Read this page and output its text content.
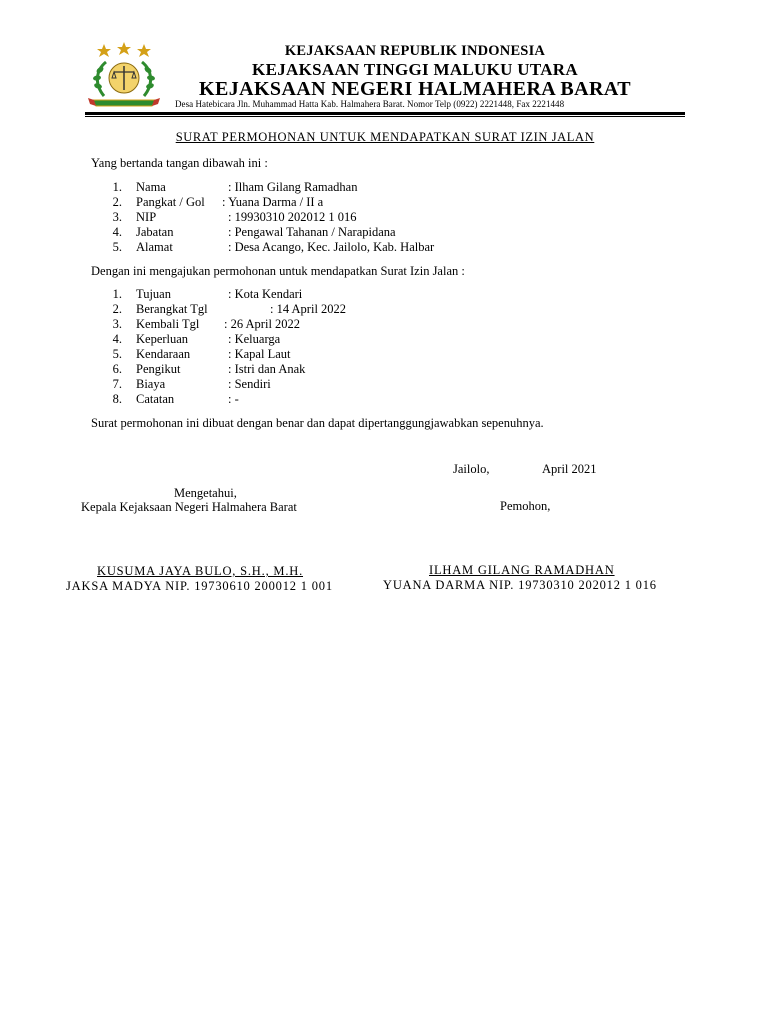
KEJAKSAAN REPUBLIK INDONESIA
KEJAKSAAN TINGGI MALUKU UTARA
KEJAKSAAN NEGERI HALMAHERA BARAT
Desa Hatebicara Jln. Muhammad Hatta Kab. Halmahera Barat. Nomor Telp (0922) 2221448, Fax 2221448
SURAT PERMOHONAN UNTUK MENDAPATKAN SURAT IZIN JALAN
Yang bertanda tangan dibawah ini :
1. Nama	: Ilham Gilang Ramadhan
2. Pangkat / Gol : Yuana Darma / II a
3. NIP	: 19930310 202012 1 016
4. Jabatan	: Pengawal Tahanan / Narapidana
5. Alamat	: Desa Acango, Kec. Jailolo, Kab. Halbar
Dengan ini mengajukan permohonan untuk mendapatkan Surat Izin Jalan :
1. Tujuan	: Kota Kendari
2. Berangkat Tgl	: 14 April 2022
3. Kembali Tgl : 26 April 2022
4. Keperluan	: Keluarga
5. Kendaraan	: Kapal Laut
6. Pengikut	: Istri dan Anak
7. Biaya	: Sendiri
8. Catatan	: -
Surat permohonan ini dibuat dengan benar dan dapat dipertanggungjawabkan sepenuhnya.
Jailolo,	April 2021
Mengetahui,
Kepala Kejaksaan Negeri Halmahera Barat
KUSUMA JAYA BULO, S.H., M.H.
JAKSA MADYA NIP. 19730610 200012 1 001
Pemohon,
ILHAM GILANG RAMADHAN
YUANA DARMA NIP. 19730310 202012 1 016
